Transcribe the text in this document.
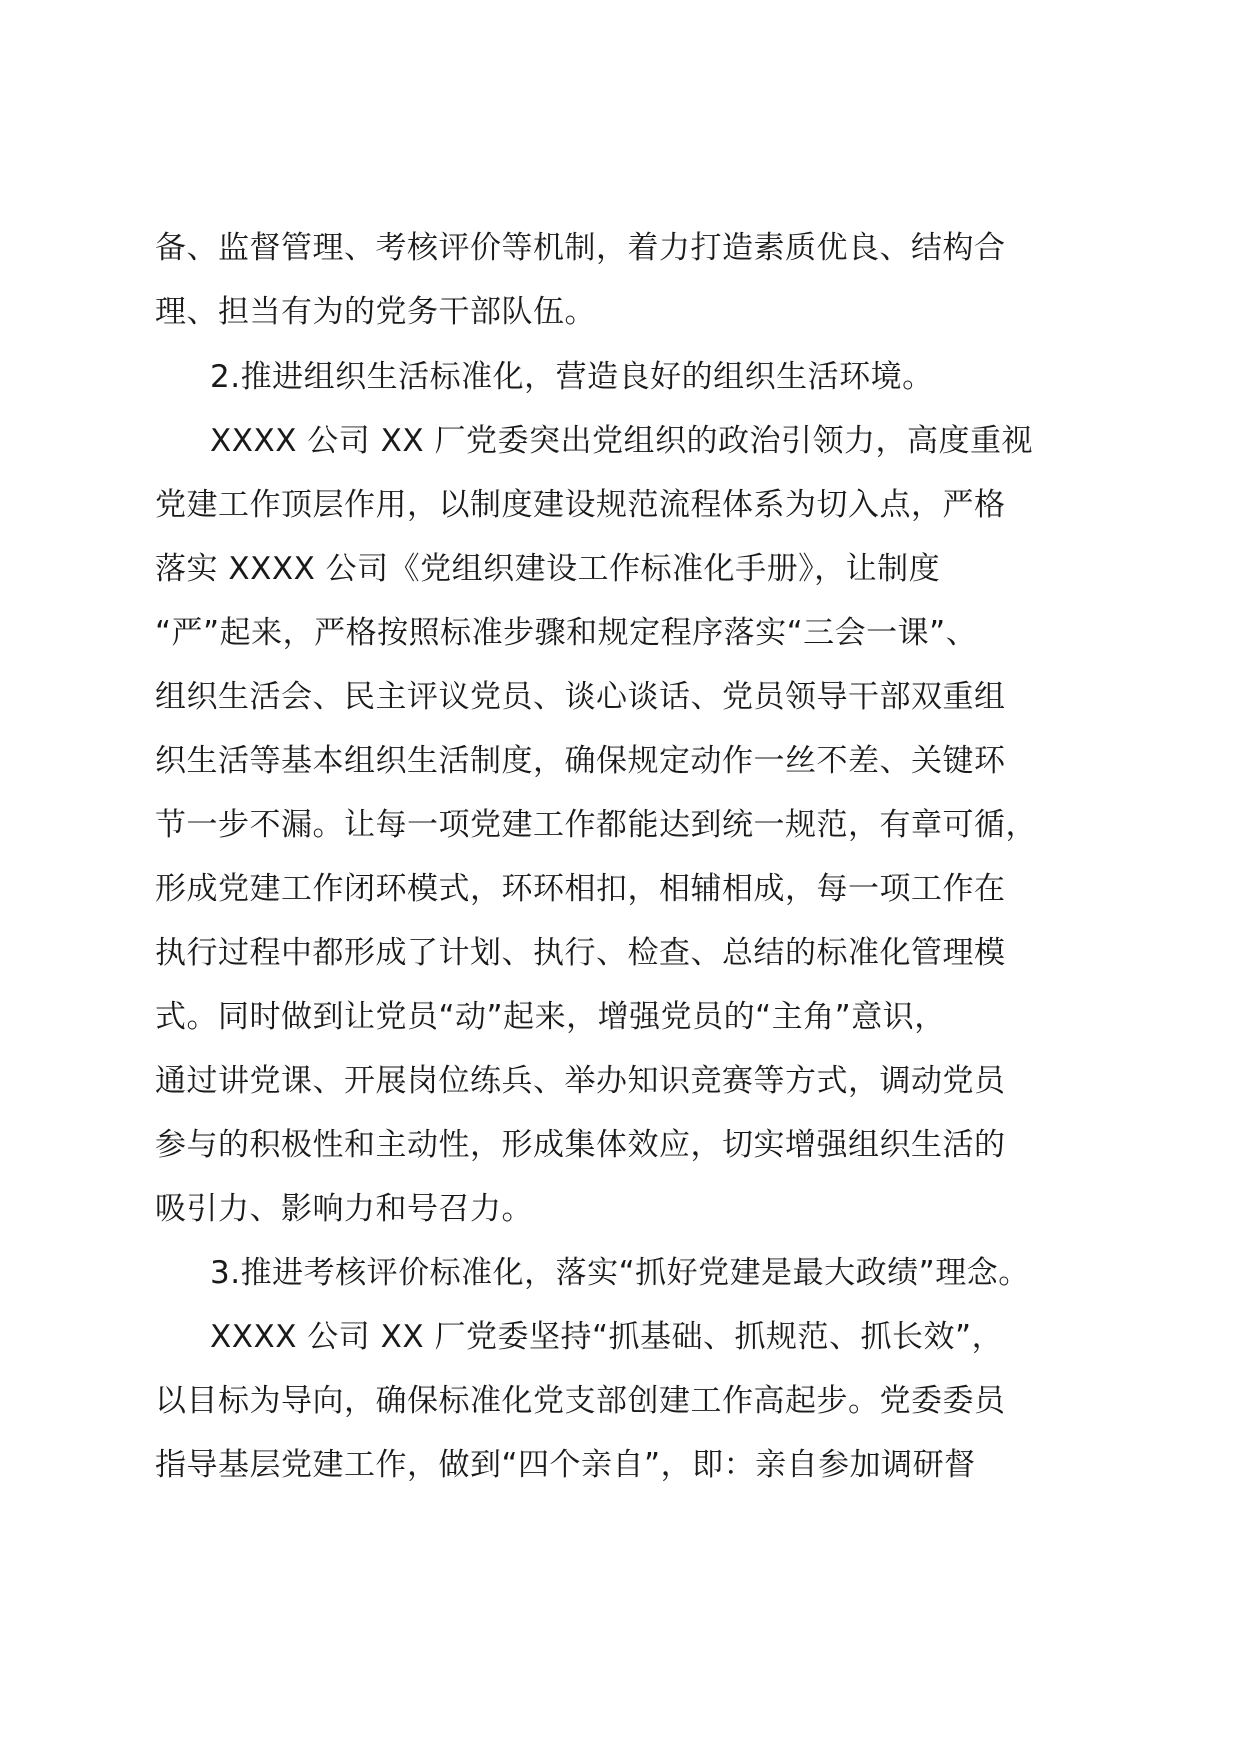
备、监督管理、考核评价等机制，着力打造素质优良、结构合
理、担当有为的党务干部队伍。
2.推进组织生活标准化，营造良好的组织生活环境。
XXXX 公司 XX 厂党委突出党组织的政治引领力，高度重视
党建工作顶层作用，以制度建设规范流程体系为切入点，严格
落实 XXXX 公司《党组织建设工作标准化手册》，让制度
“严”起来，严格按照标准步骤和规定程序落实“三会一课”、
组织生活会、民主评议党员、谈心谈话、党员领导干部双重组
织生活等基本组织生活制度，确保规定动作一丝不差、关键环
节一步不漏。让每一项党建工作都能达到统一规范，有章可循，
形成党建工作闭环模式，环环相扣，相辅相成，每一项工作在
执行过程中都形成了计划、执行、检查、总结的标准化管理模
式。同时做到让党员“动”起来，增强党员的“主角”意识，
通过讲党课、开展岗位练兵、举办知识竞赛等方式，调动党员
参与的积极性和主动性，形成集体效应，切实增强组织生活的
吸引力、影响力和号召力。
3.推进考核评价标准化，落实“抓好党建是最大政绩”理念。
XXXX 公司 XX 厂党委坚持“抓基础、抓规范、抓长效”，
以目标为导向，确保标准化党支部创建工作高起步。党委委员
指导基层党建工作，做到“四个亲自”，即：亲自参加调研督
